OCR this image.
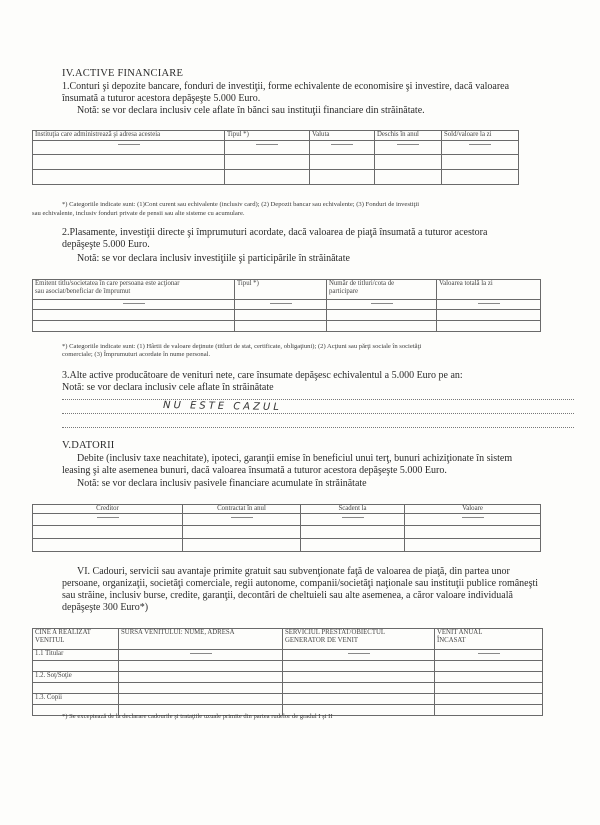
IV.ACTIVE FINANCIARE
1.Conturi şi depozite bancare, fonduri de investiţii, forme echivalente de economisire şi investire, dacă valoarea
însumată a tuturor acestora depăşeşte 5.000 Euro.
Notă: se vor declara inclusiv cele aflate în bănci sau instituţii financiare din străinătate.
Instituţia care administrează şi adresa acesteia	Tipul *)	Valuta	Deschis în anul	Sold/valoare la zi

*) Categoriile indicate sunt: (1)Cont curent sau echivalente (inclusiv card); (2) Depozit bancar sau echivalente; (3) Fonduri de investiţii
sau echivalente, inclusiv fonduri private de pensii sau alte sisteme cu acumulare.
2.Plasamente, investiţii directe şi împrumuturi acordate, dacă valoarea de piaţă însumată a tuturor acestora
depăşeşte 5.000 Euro.
Notă: se vor declara inclusiv investiţiile şi participările în străinătate
Emitent titlu/societatea în care persoana este acţionar
sau asociat/beneficiar de împrumut	Tipul *)	Număr de titluri/cota de
participare	Valoarea totală la zi

*) Categoriile indicate sunt: (1) Hârtii de valoare deţinute (titluri de stat, certificate, obligaţiuni); (2) Acţiuni sau părţi sociale în societăţi
comerciale; (3) Împrumuturi acordate în nume personal.
3.Alte active producătoare de venituri nete, care însumate depăşesc echivalentul a 5.000 Euro pe an:
Notă: se vor declara inclusiv cele aflate în străinătate
NU ESTE CAZUL
V.DATORII
Debite (inclusiv taxe neachitate), ipoteci, garanţii emise în beneficiul unui terţ, bunuri achiziţionate în sistem
leasing şi alte asemenea bunuri, dacă valoarea însumată a tuturor acestora depăşeşte 5.000 Euro.
Notă: se vor declara inclusiv pasivele financiare acumulate în străinătate
Creditor	Contractat în anul	Scadent la	Valoare

VI. Cadouri, servicii sau avantaje primite gratuit sau subvenţionate faţă de valoarea de piaţă, din partea unor
persoane, organizaţii, societăţi comerciale, regii autonome, companii/societăţi naţionale sau instituţii publice româneşti
sau străine, inclusiv burse, credite, garanţii, decontări de cheltuieli sau alte asemenea, a căror valoare individuală
depăşeşte 300 Euro*)
CINE A REALIZAT
VENITUL	SURSA VENITULUI: NUME, ADRESA	SERVICIUL PRESTAT/OBIECTUL
GENERATOR DE VENIT	VENIT ANUAL
ÎNCASAT
1.1 Titular			

1.2. Soţ/Soţie			

1.3. Copii			

*) Se exceptează de la declarare cadourile şi trataţiile uzuale primite din partea rudelor de gradul I şi II
